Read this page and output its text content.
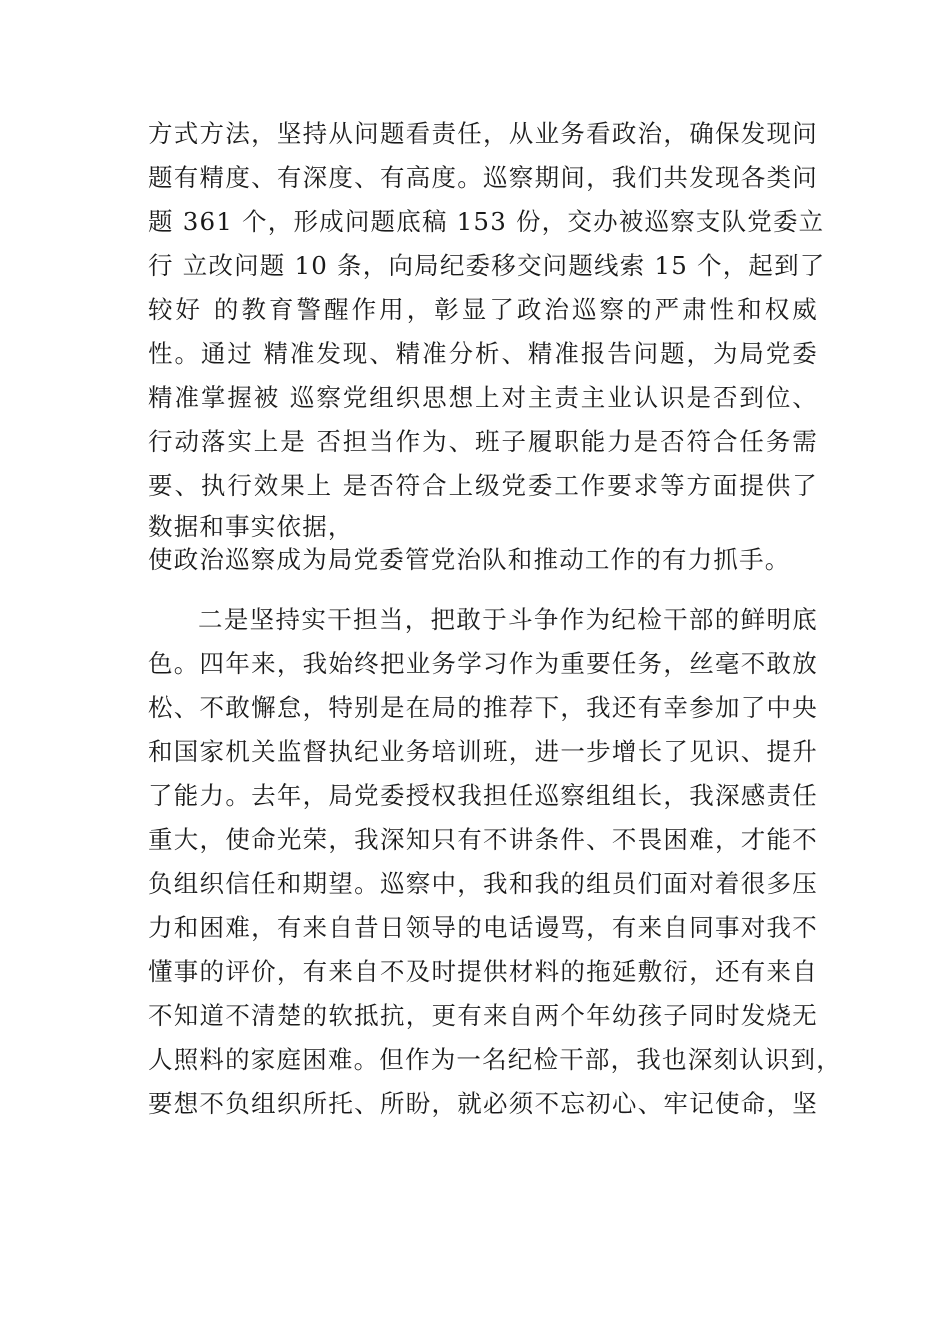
方式方法，坚持从问题看责任，从业务看政治，确保发现问
题有精度、有深度、有高度。巡察期间，我们共发现各类问
题 361 个，形成问题底稿 153 份，交办被巡察支队党委立
行 立改问题 10 条，向局纪委移交问题线索 15 个，起到了
较好 的教育警醒作用，彰显了政治巡察的严肃性和权威
性。通过 精准发现、精准分析、精准报告问题，为局党委
精准掌握被 巡察党组织思想上对主责主业认识是否到位、
行动落实上是 否担当作为、班子履职能力是否符合任务需
要、执行效果上 是否符合上级党委工作要求等方面提供了
数据和事实依据，
使政治巡察成为局党委管党治队和推动工作的有力抓手。
二是坚持实干担当，把敢于斗争作为纪检干部的鲜明底
色。四年来，我始终把业务学习作为重要任务，丝毫不敢放
松、不敢懈怠，特别是在局的推荐下，我还有幸参加了中央
和国家机关监督执纪业务培训班，进一步增长了见识、提升
了能力。去年，局党委授权我担任巡察组组长，我深感责任
重大，使命光荣，我深知只有不讲条件、不畏困难，才能不
负组织信任和期望。巡察中，我和我的组员们面对着很多压
力和困难，有来自昔日领导的电话谩骂，有来自同事对我不
懂事的评价，有来自不及时提供材料的拖延敷衍，还有来自
不知道不清楚的软抵抗，更有来自两个年幼孩子同时发烧无
人照料的家庭困难。但作为一名纪检干部，我也深刻认识到，
要想不负组织所托、所盼，就必须不忘初心、牢记使命，坚
